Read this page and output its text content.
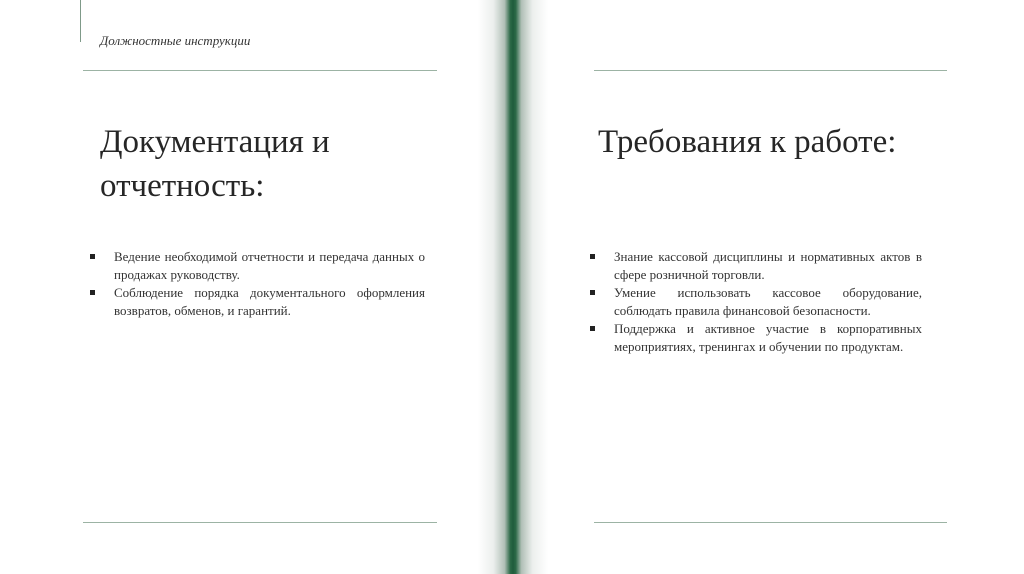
Должностные инструкции
Документация и отчетность:
Ведение необходимой отчетности и передача данных о продажах руководству.
Соблюдение порядка документального оформления возвратов, обменов, и гарантий.
Требования к работе:
Знание кассовой дисциплины и нормативных актов в сфере розничной торговли.
Умение использовать кассовое оборудование, соблюдать правила финансовой безопасности.
Поддержка и активное участие в корпоративных мероприятиях, тренингах и обучении по продуктам.
